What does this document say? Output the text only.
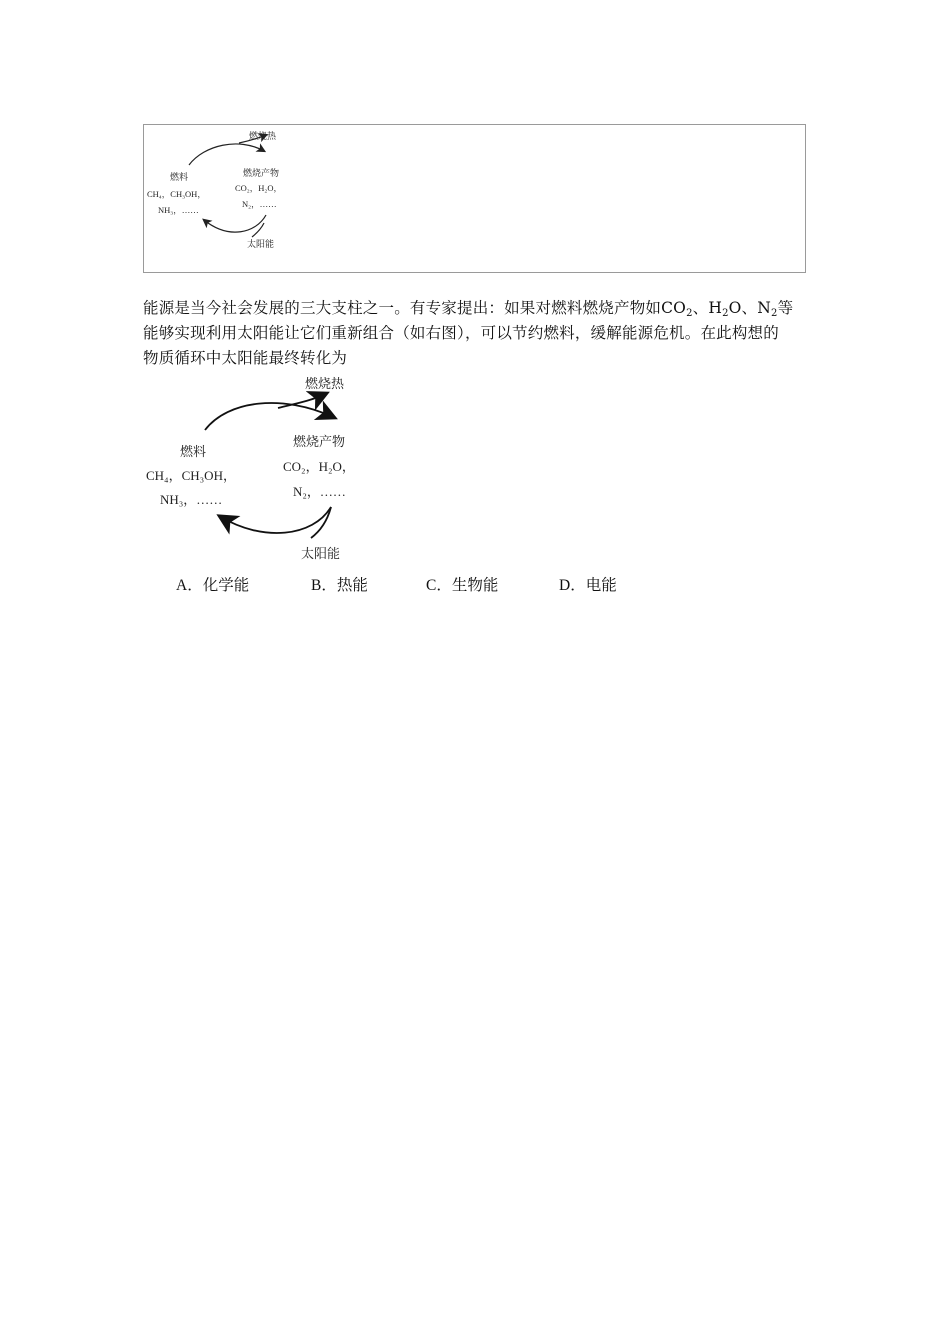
燃烧热
燃料
CH₄，CH₃OH，
NH₃，……
燃烧产物
CO₂，H₂O，
N₂，……
太阳能
能源是当今社会发展的三大支柱之一。有专家提出：如果对燃料燃烧产物如$CO_2$、$H_2O$、$N_2$等
能够实现利用太阳能让它们重新组合（如右图），可以节约燃料，缓解能源危机。在此构想的
物质循环中太阳能最终转化为
燃烧热
燃料
CH₄，CH₃OH，
NH₃，……
燃烧产物
CO₂，H₂O，
N₂，……
太阳能
A．化学能	B．热能	C．生物能	D．电能
